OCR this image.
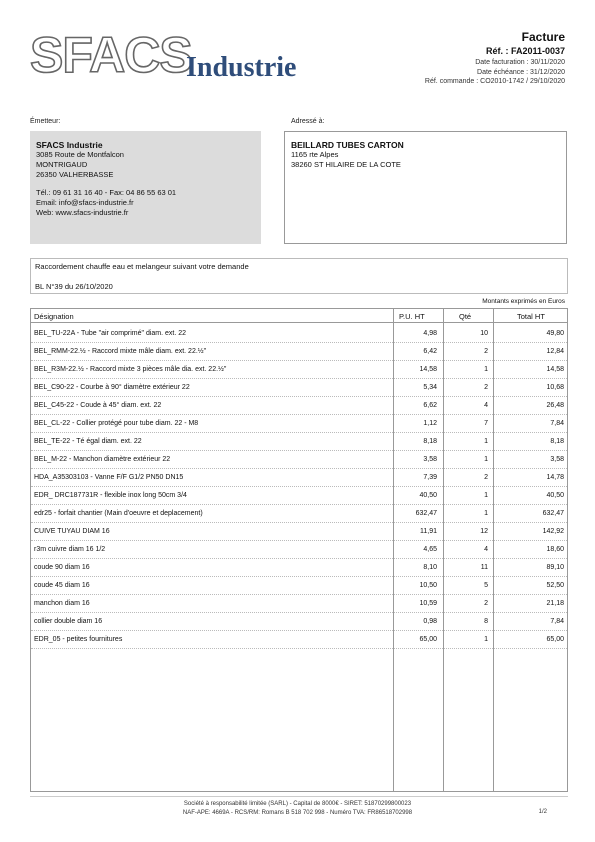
SFACS
Industrie
Facture
Réf. : FA2011-0037
Date facturation : 30/11/2020
Date échéance : 31/12/2020
Réf. commande : CO2010-1742 / 29/10/2020
Émetteur:	Adressé à:
SFACS Industrie
3085 Route de Montfalcon
MONTRIGAUD
26350 VALHERBASSE
Tél.: 09 61 31 16 40 - Fax: 04 86 55 63 01
Email: info@sfacs-industrie.fr
Web: www.sfacs-industrie.fr
BEILLARD TUBES CARTON
1165 rte Alpes
38260 ST HILAIRE DE LA COTE
Raccordement chauffe eau et melangeur suivant votre demande
BL N°39 du 26/10/2020
Montants exprimés en Euros
Désignation	P.U. HT	Qté	Total HT
BEL_TU-22A - Tube "air comprimé" diam. ext. 22	4,98	10	49,80
BEL_RMM-22.½ - Raccord mixte mâle diam. ext. 22.½"	6,42	2	12,84
BEL_R3M-22.½ - Raccord mixte 3 pièces mâle dia. ext. 22.½"	14,58	1	14,58
BEL_C90-22 - Courbe à 90° diamètre extérieur 22	5,34	2	10,68
BEL_C45-22 - Coude à 45° diam. ext. 22	6,62	4	26,48
BEL_CL-22 - Collier protégé pour tube diam. 22 - M8	1,12	7	7,84
BEL_TE-22 - Té égal diam. ext. 22	8,18	1	8,18
BEL_M-22 - Manchon diamètre extérieur 22	3,58	1	3,58
HDA_A35303103 - Vanne F/F G1/2 PN50 DN15	7,39	2	14,78
EDR_ DRC187731R - flexible inox long 50cm 3/4	40,50	1	40,50
edr25 - forfait chantier (Main d'oeuvre et deplacement)	632,47	1	632,47
CUIVE TUYAU DIAM 16	11,91	12	142,92
r3m cuivre diam 16 1/2	4,65	4	18,60
coude 90 diam 16	8,10	11	89,10
coude 45 diam 16	10,50	5	52,50
manchon diam 16	10,59	2	21,18
collier double diam 16	0,98	8	7,84
EDR_05 - petites fournitures	65,00	1	65,00
Société à responsabilité limitée (SARL) - Capital de 8000€ - SIRET: 51870299800023
NAF-APE: 4669A - RCS/RM: Romans B 518 702 998 - Numéro TVA: FR86518702998	1/2
